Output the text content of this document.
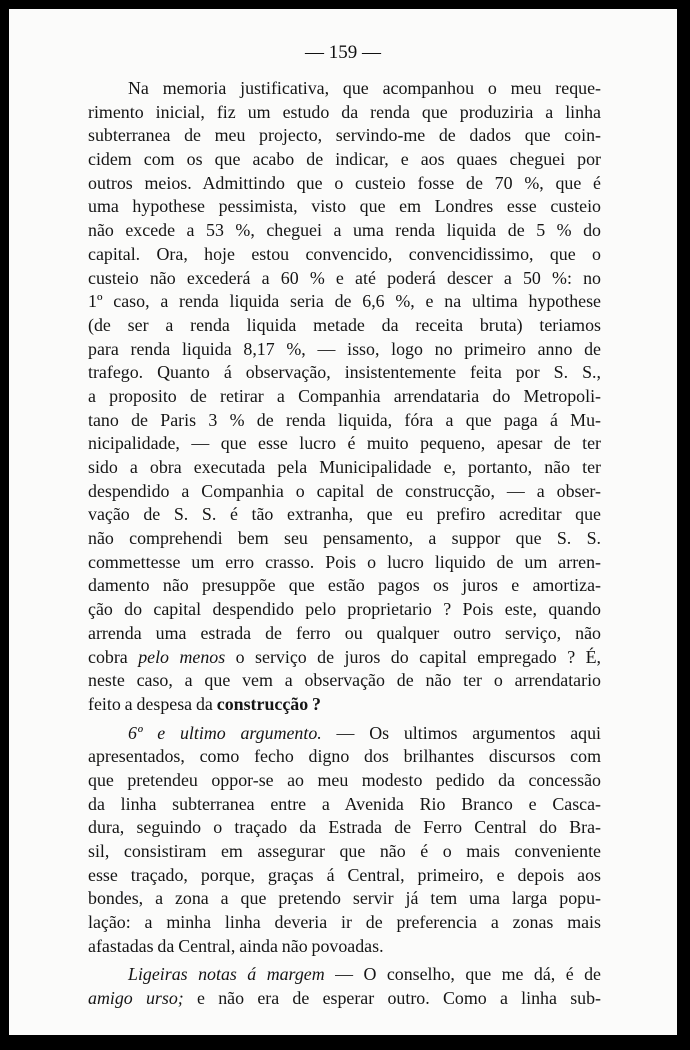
— 159 —
Na memoria justificativa, que acompanhou o meu reque-
rimento inicial, fiz um estudo da renda que produziria a linha
subterranea de meu projecto, servindo-me de dados que coin-
cidem com os que acabo de indicar, e aos quaes cheguei por
outros meios. Admittindo que o custeio fosse de 70 %, que é
uma hypothese pessimista, visto que em Londres esse custeio
não excede a 53 %, cheguei a uma renda liquida de 5 % do
capital. Ora, hoje estou convencido, convencidissimo, que o
custeio não excederá a 60 % e até poderá descer a 50 %: no
1º caso, a renda liquida seria de 6,6 %, e na ultima hypothese
(de ser a renda liquida metade da receita bruta) teriamos
para renda liquida 8,17 %, — isso, logo no primeiro anno de
trafego. Quanto á observação, insistentemente feita por S. S.,
a proposito de retirar a Companhia arrendataria do Metropoli-
tano de Paris 3 % de renda liquida, fóra a que paga á Mu-
nicipalidade, — que esse lucro é muito pequeno, apesar de ter
sido a obra executada pela Municipalidade e, portanto, não ter
despendido a Companhia o capital de construcção, — a obser-
vação de S. S. é tão extranha, que eu prefiro acreditar que
não comprehendi bem seu pensamento, a suppor que S. S.
commettesse um erro crasso. Pois o lucro liquido de um arren-
damento não presuppõe que estão pagos os juros e amortiza-
ção do capital despendido pelo proprietario ? Pois este, quando
arrenda uma estrada de ferro ou qualquer outro serviço, não
cobra pelo menos o serviço de juros do capital empregado ? É,
neste caso, a que vem a observação de não ter o arrendatario
feito a despesa da construcção ?
6º e ultimo argumento. — Os ultimos argumentos aqui
apresentados, como fecho digno dos brilhantes discursos com
que pretendeu oppor-se ao meu modesto pedido da concessão
da linha subterranea entre a Avenida Rio Branco e Casca-
dura, seguindo o traçado da Estrada de Ferro Central do Bra-
sil, consistiram em assegurar que não é o mais conveniente
esse traçado, porque, graças á Central, primeiro, e depois aos
bondes, a zona a que pretendo servir já tem uma larga popu-
lação: a minha linha deveria ir de preferencia a zonas mais
afastadas da Central, ainda não povoadas.
Ligeiras notas á margem — O conselho, que me dá, é de
amigo urso; e não era de esperar outro. Como a linha sub-
